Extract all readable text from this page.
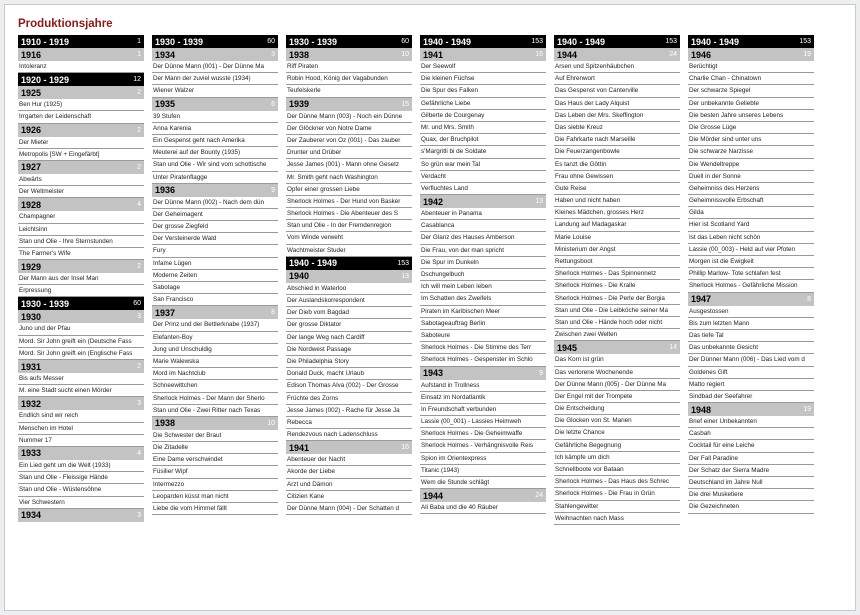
Produktionsjahre
1910 - 1919	1
1916	1
Intoleranz
1920 - 1929	12
1925	2
Ben Hur (1925)
Irrgarten der Leidenschaft
1926	2
Der Mieter
Metropolis [SW + Eingefärbt]
1927	2
Abwärts
Der Weltmeister
1928	4
Champagner
Leichtsinn
Stan und Olie - Ihre Sternstunden
The Farmer's Wife
1929	2
Der Mann aus der Insel Man
Erpressung
1930 - 1939	60
1930	3
Juno und der Pfau
Mord. Sir John greift ein (Deutsche Fass
Mord. Sir John greift ein (Englische Fass
1931	2
Bis aufs Messer
M. eine Stadt sucht einen Mörder
1932	3
Endlich sind wir reich
Menschen im Hotel
Nummer 17
1933	4
Ein Lied geht um die Welt (1933)
Stan und Olie - Fleissige Hände
Stan und Olie - Wüstensöhne
Vier Schwestern
1934	3
1930 - 1939	60
1934	3
Der Dünne Mann (001) - Der Dünne Ma
Der Mann der zuviel wusste (1934)
Wiener Walzer
1935	6
39 Stufen
Anna Karenia
Ein Gespenst geht nach Amerika
Meuterei auf der Bounty (1935)
Stan und Olie - Wir sind vom schottische
Unter Piratenflagge
1936	9
Der Dünne Mann (002) - Nach dem dün
Der Geheimagent
Der grosse Ziegfeld
Der Versteinerde Wald
Fury
Infame Lügen
Moderne Zeiten
Sabotage
San Francisco
1937	8
Der Prinz und der Bettlerknabe (1937)
Elefanten-Boy
Jung und Unschuldig
Marie Walewska
Mord im Nachtclub
Schneewittchen
Sherlock Holmes - Der Mann der Sherlo
Stan und Olie - Zwei Ritter nach Texas
1938	10
Die Schwester der Braut
Die Zitadelle
Eine Dame verschwindet
Füsilier Wipf
Intermezzo
Leoparden küsst man nicht
Liebe die vom Himmel fällt
1930 - 1939	60
1938	10
Riff Piraten
Robin Hood, König der Vagabunden
Teufelskerle
1939	15
Der Dünne Mann (003) - Noch ein Dünne
Der Glöckner von Notre Dame
Der Zauberer von Oz (001) - Das zauber
Drunter und Drüber
Jesse James (001) - Mann ohne Gesetz
Mr. Smith geht nach Washington
Opfer einer grossen Liebe
Sherlock Holmes - Der Hund von Basker
Sherlock Holmes - Die Abenteuer des S
Stan und Olie - In der Fremdenregion
Vom Winde verweht
Wachtmeister Studer
1940 - 1949	153
1940	13
Abschied in Waterloo
Der Auslandskorrespondent
Der Dieb vom Bagdad
Der grosse Diktator
Der lange Weg nach Cardiff
Die Nordwest Passage
Die Philadelphia Story
Donald Duck, macht Urlaub
Edison Thomas Alva (002) - Der Grosse
Früchte des Zorns
Jesse James (002) - Rache für Jesse Ja
Rebecca
Rendezvous nach Ladenschluss
1941	16
Abenteuer der Nacht
Akorde der Liebe
Arzt und Dämon
Citizien Kane
Der Dünne Mann (004) - Der Schatten d
1940 - 1949	153
1941	16
Der Seewolf
Die kleinen Füchse
Die Spur des Falken
Gefährliche Liebe
Gilberte de Courgenay
Mr. und Mrs. Smith
Quax, der Bruchpilot
s'Margritli bi de Soldate
So grün war mein Tal
Verdacht
Verfluchtes Land
1942	13
Abenteuer in Panama
Casablanca
Der Glanz des Hauses Amberson
Die Frau, von der man spricht
Die Spur im Dunkeln
Dschungelbuch
Ich will mein Leben leben
Im Schatten des Zweifels
Piraten im Karibischen Meer
Sabotageauftrag Berlin
Saboteure
Sherlock Holmes - Die Stimme des Terr
Sherlock Holmes - Gespenster im Schlo
1943	9
Aufstand in Trollness
Einsatz im Nordatlantik
In Freundschaft verbunden
Lassie (00_001) - Lassies Heimweh
Sherlock Holmes - Die Geheimwaffe
Sherlock Holmes - Verhängnisvolle Reis
Spion im Orientexpress
Titanic (1943)
Wem die Stunde schlägt
1944	24
Ali Baba und die 40 Räuber
1940 - 1949	153
1944	24
Arsen und Spitzenhäubchen
Auf Ehrenwort
Das Gespenst von Canterville
Das Haus der Lady Alquist
Das Leben der Mrs. Skeffington
Das siebte Kreuz
Die Fahrkarte nach Marseille
Die Feuerzangenbowle
Es tanzt die Göttin
Frau ohne Gewissen
Gute Reise
Haben und nicht haben
Kleines Mädchen, grosses Herz
Landung auf Madagaskar
Marie Louise
Ministerium der Angst
Rettungsboot
Sherlock Holmes - Das Spinnennetz
Sherlock Holmes - Die Kralle
Sherlock Holmes - Die Perle der Borgia
Stan und Olie - Die Leibköche seiner Ma
Stan und Olie - Hände hoch oder nicht
Zwischen zwei Welten
1945	14
Das Korn ist grün
Das verlorene Wochenende
Der Dünne Mann (005) - Der Dünne Ma
Der Engel mit der Trompete
Die Entscheidung
Die Glocken von St. Marien
Die letzte Chance
Gefährliche Begegnung
Ich kämpfe um dich
Schnellboote vor Bataan
Sherlock Holmes - Das Haus des Schrec
Sherlock Holmes - Die Frau in Grün
Stahlengewitter
Weihnachten nach Mass
1940 - 1949	153
1946	19
Berüchtigt
Charlie Chan - Chinatown
Der schwarze Spiegel
Der unbekannte Geliebte
Die besten Jahre unseres Lebens
Die Grosse Lüge
Die Mörder sind unter uns
Die schwarze Narzisse
Die Wendeltreppe
Duell in der Sonne
Geheimniss des Herzens
Geheimnissvolle Erbschaft
Gilda
Hier ist Scotland Yard
Ist das Leben nicht schön
Lassie (00_003) - Held auf vier Pfoten
Morgen ist die Ewigkeit
Phillip Marlow- Tote schlafen fest
Sherlock Holmes - Gefährliche Mission
1947	8
Ausgestossen
Bis zum letzten Mann
Das tiefe Tal
Das unbekannte Gesicht
Der Dünner Mann (006) - Das Lied vom d
Goldenes Gift
Matto regiert
Sindbad der Seefahrer
1948	19
Brief einer Unbekannten
Casbah
Cocktail für eine Leiche
Der Fall Paradine
Der Schatz der Sierra Madre
Deutschland im Jahre Null
Die drei Musketiere
Die Gezeichneten
